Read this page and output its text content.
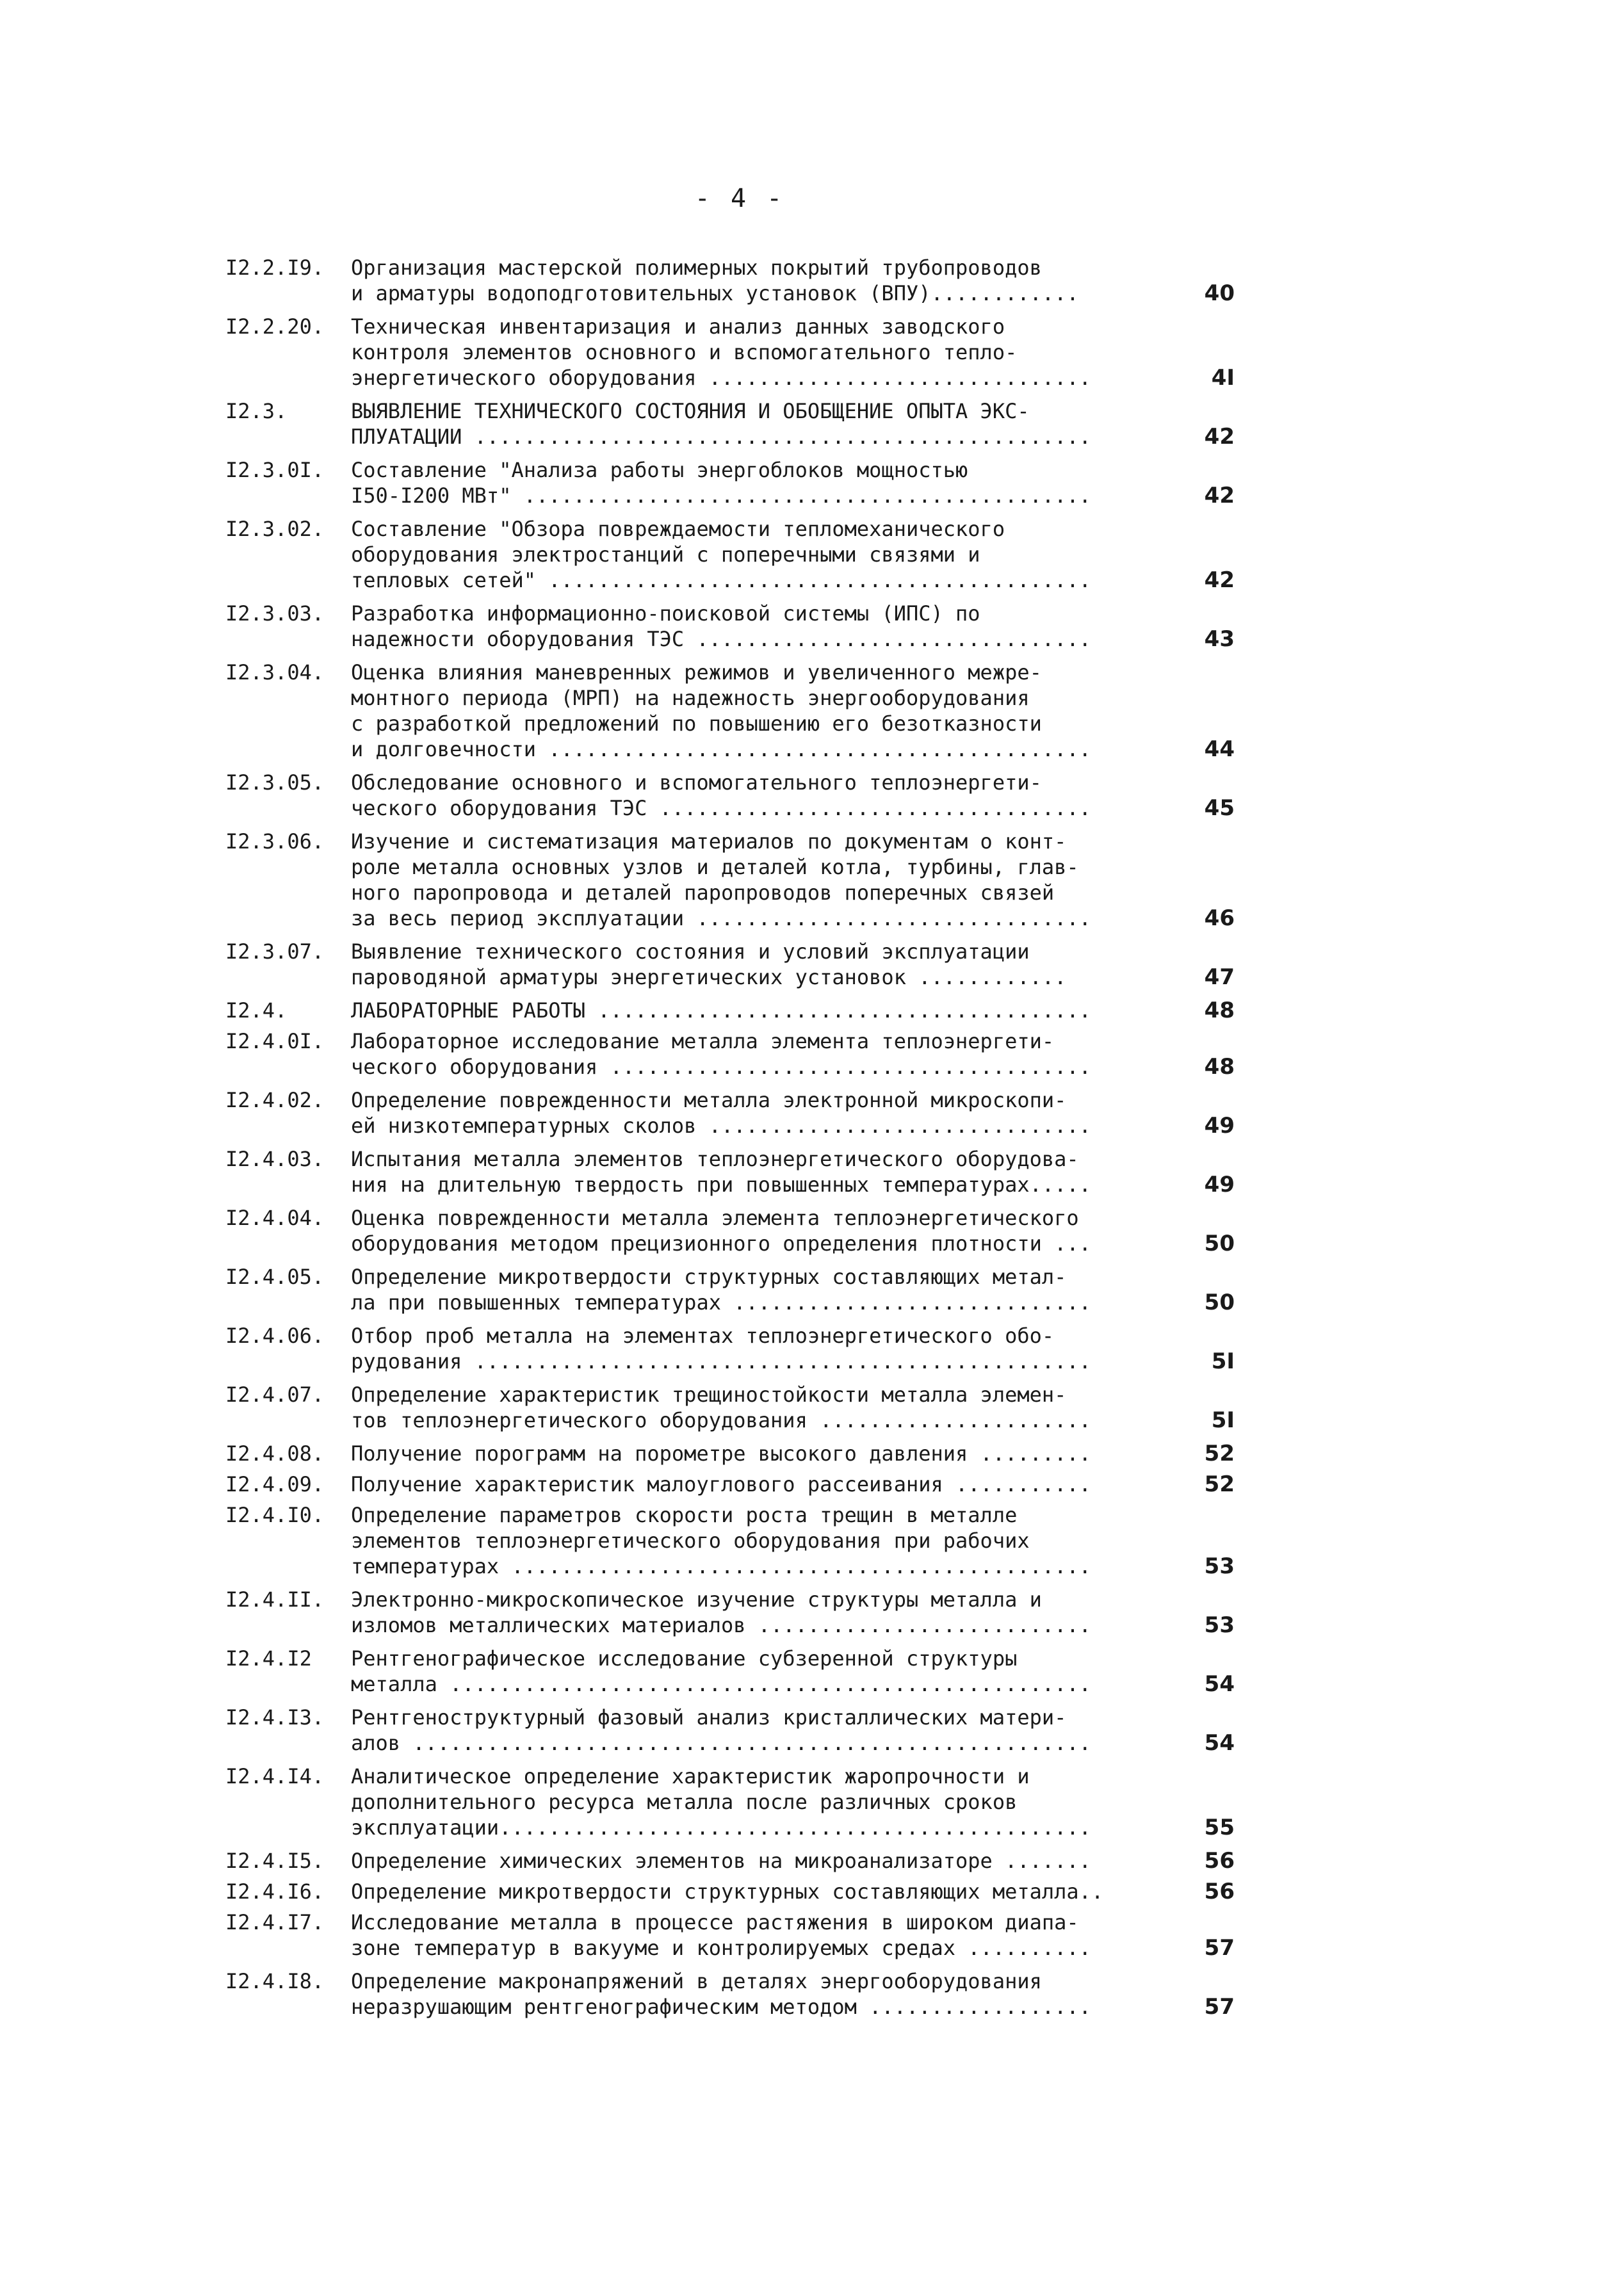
- 4 -
I2.2.I9.	Организация мастерской полимерных покрытий трубопроводов
и арматуры водоподготовительных установок (ВПУ)............	40
I2.2.20.	Техническая инвентаризация и анализ данных заводского
контроля элементов основного и вспомогательного тепло-
энергетического оборудования ...............................	4I
I2.3.	ВЫЯВЛЕНИЕ ТЕХНИЧЕСКОГО СОСТОЯНИЯ И ОБОБЩЕНИЕ ОПЫТА ЭКС-
ПЛУАТАЦИИ ..................................................	42
I2.3.0I.	Составление "Анализа работы энергоблоков мощностью
I50-I200 МВт" ..............................................	42
I2.3.02.	Составление "Обзора повреждаемости тепломеханического
оборудования электростанций с поперечными связями и
тепловых сетей" ............................................	42
I2.3.03.	Разработка информационно-поисковой системы (ИПС) по
надежности оборудования ТЭС ................................	43
I2.3.04.	Оценка влияния маневренных режимов и увеличенного межре-
монтного периода (МРП) на надежность энергооборудования
с разработкой предложений по повышению его безотказности
и долговечности ............................................	44
I2.3.05.	Обследование основного и вспомогательного теплоэнергети-
ческого оборудования ТЭС ...................................	45
I2.3.06.	Изучение и систематизация материалов по документам о конт-
роле металла основных узлов и деталей котла, турбины, глав-
ного паропровода и деталей паропроводов поперечных связей
за весь период эксплуатации ................................	46
I2.3.07.	Выявление технического состояния и условий эксплуатации
пароводяной арматуры энергетических установок ............	47
I2.4.	ЛАБОРАТОРНЫЕ РАБОТЫ ........................................	48
I2.4.0I.	Лабораторное исследование металла элемента теплоэнергети-
ческого оборудования .......................................	48
I2.4.02.	Определение поврежденности металла электронной микроскопи-
ей низкотемпературных сколов ...............................	49
I2.4.03.	Испытания металла элементов теплоэнергетического оборудова-
ния на длительную твердость при повышенных температурах.....	49
I2.4.04.	Оценка поврежденности металла элемента теплоэнергетического
оборудования методом прецизионного определения плотности ...	50
I2.4.05.	Определение микротвердости структурных составляющих метал-
ла при повышенных температурах .............................	50
I2.4.06.	Отбор проб металла на элементах теплоэнергетического обо-
рудования ..................................................	5I
I2.4.07.	Определение характеристик трещиностойкости металла элемен-
тов теплоэнергетического оборудования ......................	5I
I2.4.08.	Получение порограмм на порометре высокого давления .........	52
I2.4.09.	Получение характеристик малоуглового рассеивания ...........	52
I2.4.I0.	Определение параметров скорости роста трещин в металле
элементов теплоэнергетического оборудования при рабочих
температурах ...............................................	53
I2.4.II.	Электронно-микроскопическое изучение структуры металла и
изломов металлических материалов ...........................	53
I2.4.I2	Рентгенографическое исследование субзеренной структуры
металла ....................................................	54
I2.4.I3.	Рентгеноструктурный фазовый анализ кристаллических матери-
алов .......................................................	54
I2.4.I4.	Аналитическое определение характеристик жаропрочности и
дополнительного ресурса металла после различных сроков
эксплуатации................................................	55
I2.4.I5.	Определение химических элементов на микроанализаторе .......	56
I2.4.I6.	Определение микротвердости структурных составляющих металла..	56
I2.4.I7.	Исследование металла в процессе растяжения в широком диапа-
зоне температур в вакууме и контролируемых средах ..........	57
I2.4.I8.	Определение макронапряжений в деталях энергооборудования
неразрушающим рентгенографическим методом ..................	57
